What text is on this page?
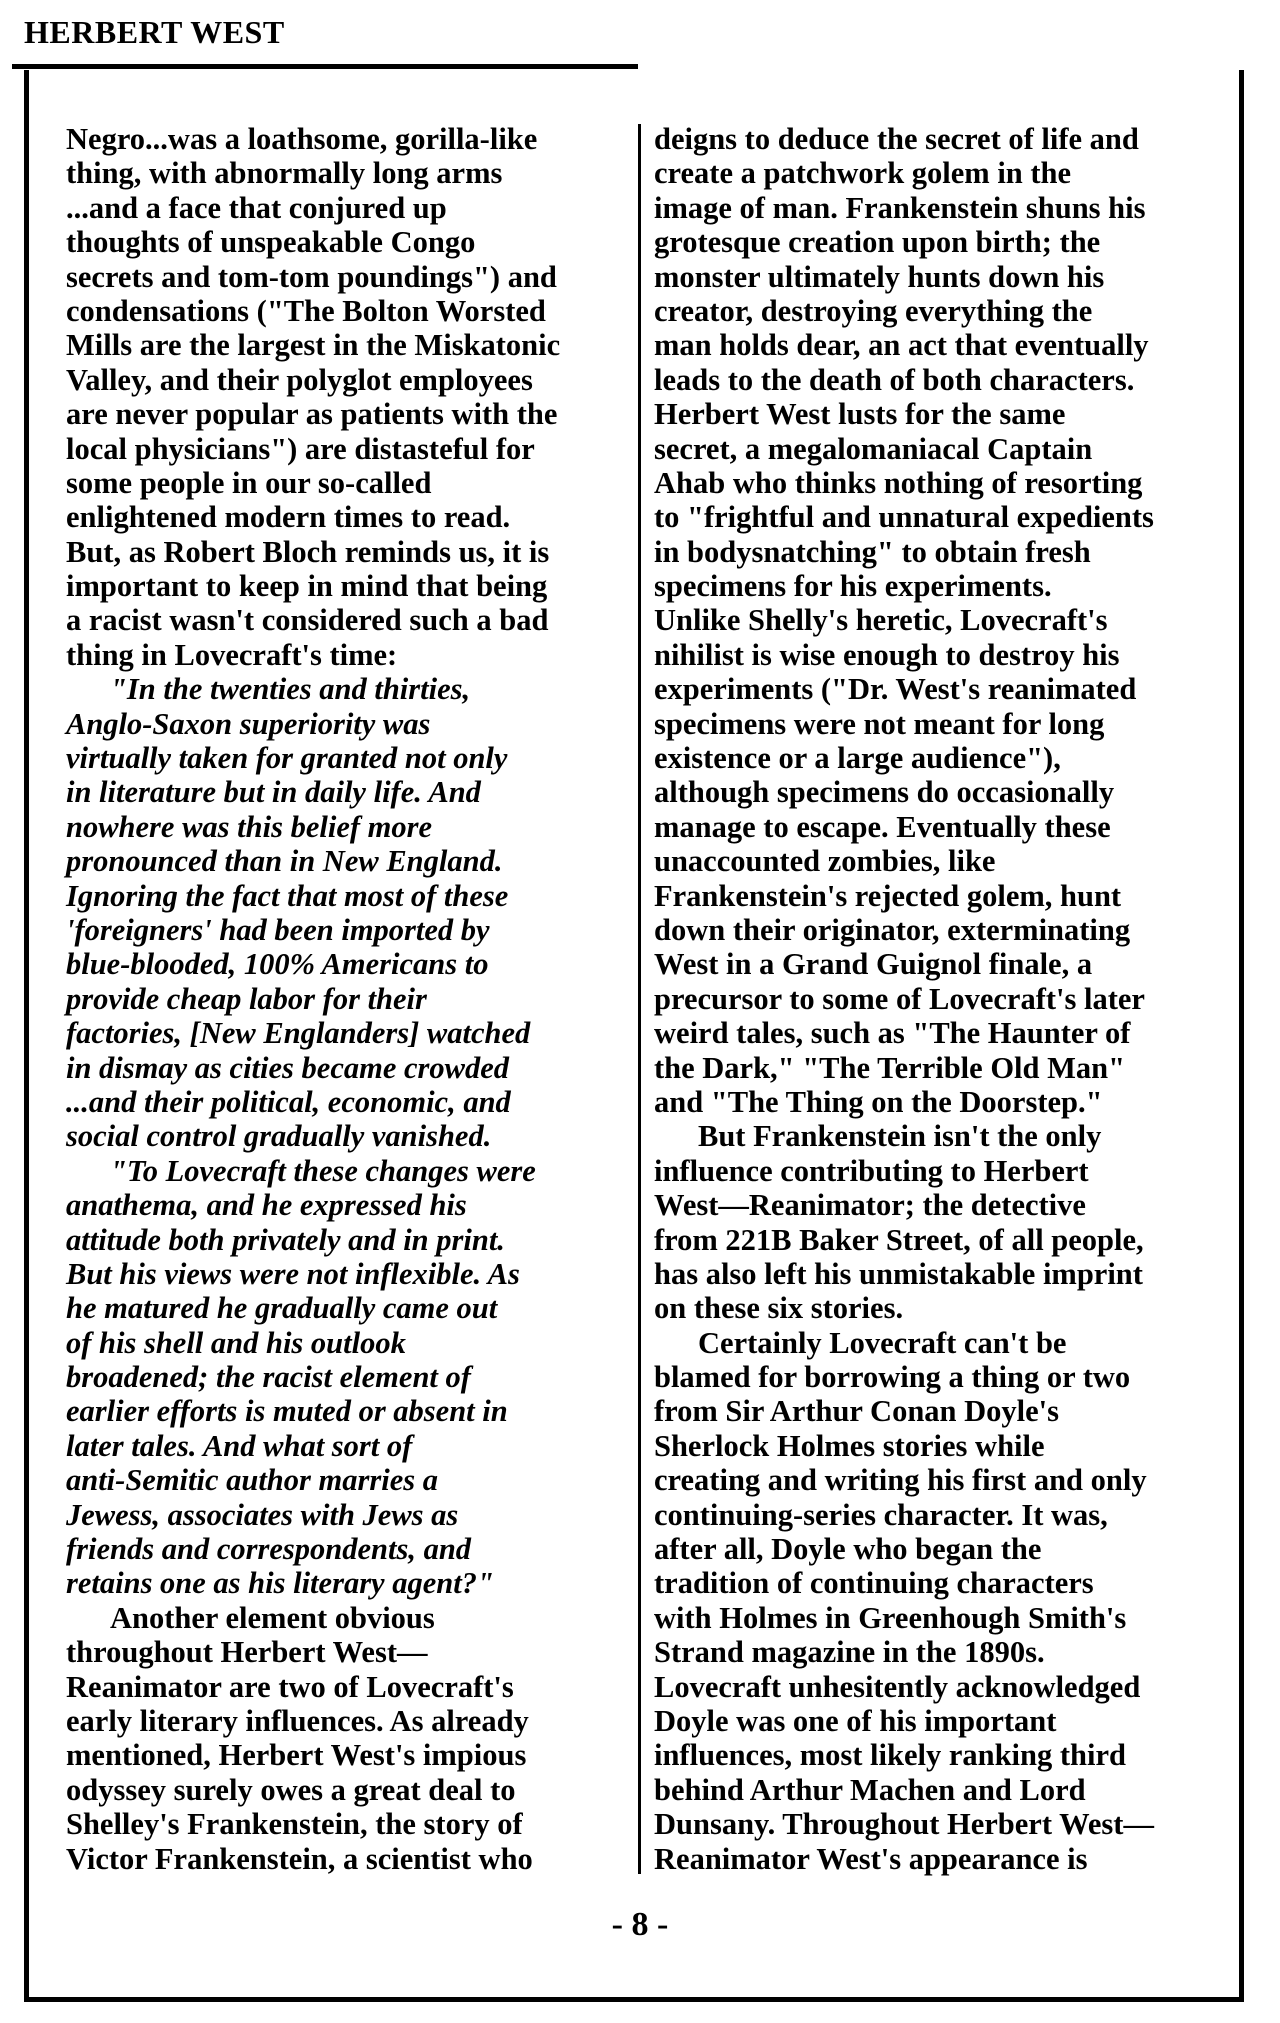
HERBERT WEST
Negro...was a loathsome, gorilla-like
thing, with abnormally long arms
...and a face that conjured up
thoughts of unspeakable Congo
secrets and tom-tom poundings") and
condensations ("The Bolton Worsted
Mills are the largest in the Miskatonic
Valley, and their polyglot employees
are never popular as patients with the
local physicians") are distasteful for
some people in our so-called
enlightened modern times to read.
But, as Robert Bloch reminds us, it is
important to keep in mind that being
a racist wasn't considered such a bad
thing in Lovecraft's time:
"In the twenties and thirties,
Anglo-Saxon superiority was
virtually taken for granted not only
in literature but in daily life. And
nowhere was this belief more
pronounced than in New England.
Ignoring the fact that most of these
'foreigners' had been imported by
blue-blooded, 100% Americans to
provide cheap labor for their
factories, [New Englanders] watched
in dismay as cities became crowded
...and their political, economic, and
social control gradually vanished.
"To Lovecraft these changes were
anathema, and he expressed his
attitude both privately and in print.
But his views were not inflexible. As
he matured he gradually came out
of his shell and his outlook
broadened; the racist element of
earlier efforts is muted or absent in
later tales. And what sort of
anti-Semitic author marries a
Jewess, associates with Jews as
friends and correspondents, and
retains one as his literary agent?"
Another element obvious
throughout Herbert West—
Reanimator are two of Lovecraft's
early literary influences. As already
mentioned, Herbert West's impious
odyssey surely owes a great deal to
Shelley's Frankenstein, the story of
Victor Frankenstein, a scientist who
deigns to deduce the secret of life and
create a patchwork golem in the
image of man. Frankenstein shuns his
grotesque creation upon birth; the
monster ultimately hunts down his
creator, destroying everything the
man holds dear, an act that eventually
leads to the death of both characters.
Herbert West lusts for the same
secret, a megalomaniacal Captain
Ahab who thinks nothing of resorting
to "frightful and unnatural expedients
in bodysnatching" to obtain fresh
specimens for his experiments.
Unlike Shelly's heretic, Lovecraft's
nihilist is wise enough to destroy his
experiments ("Dr. West's reanimated
specimens were not meant for long
existence or a large audience"),
although specimens do occasionally
manage to escape. Eventually these
unaccounted zombies, like
Frankenstein's rejected golem, hunt
down their originator, exterminating
West in a Grand Guignol finale, a
precursor to some of Lovecraft's later
weird tales, such as "The Haunter of
the Dark," "The Terrible Old Man"
and "The Thing on the Doorstep."
But Frankenstein isn't the only
influence contributing to Herbert
West—Reanimator; the detective
from 221B Baker Street, of all people,
has also left his unmistakable imprint
on these six stories.
Certainly Lovecraft can't be
blamed for borrowing a thing or two
from Sir Arthur Conan Doyle's
Sherlock Holmes stories while
creating and writing his first and only
continuing-series character. It was,
after all, Doyle who began the
tradition of continuing characters
with Holmes in Greenhough Smith's
Strand magazine in the 1890s.
Lovecraft unhesitently acknowledged
Doyle was one of his important
influences, most likely ranking third
behind Arthur Machen and Lord
Dunsany. Throughout Herbert West—
Reanimator West's appearance is
- 8 -
